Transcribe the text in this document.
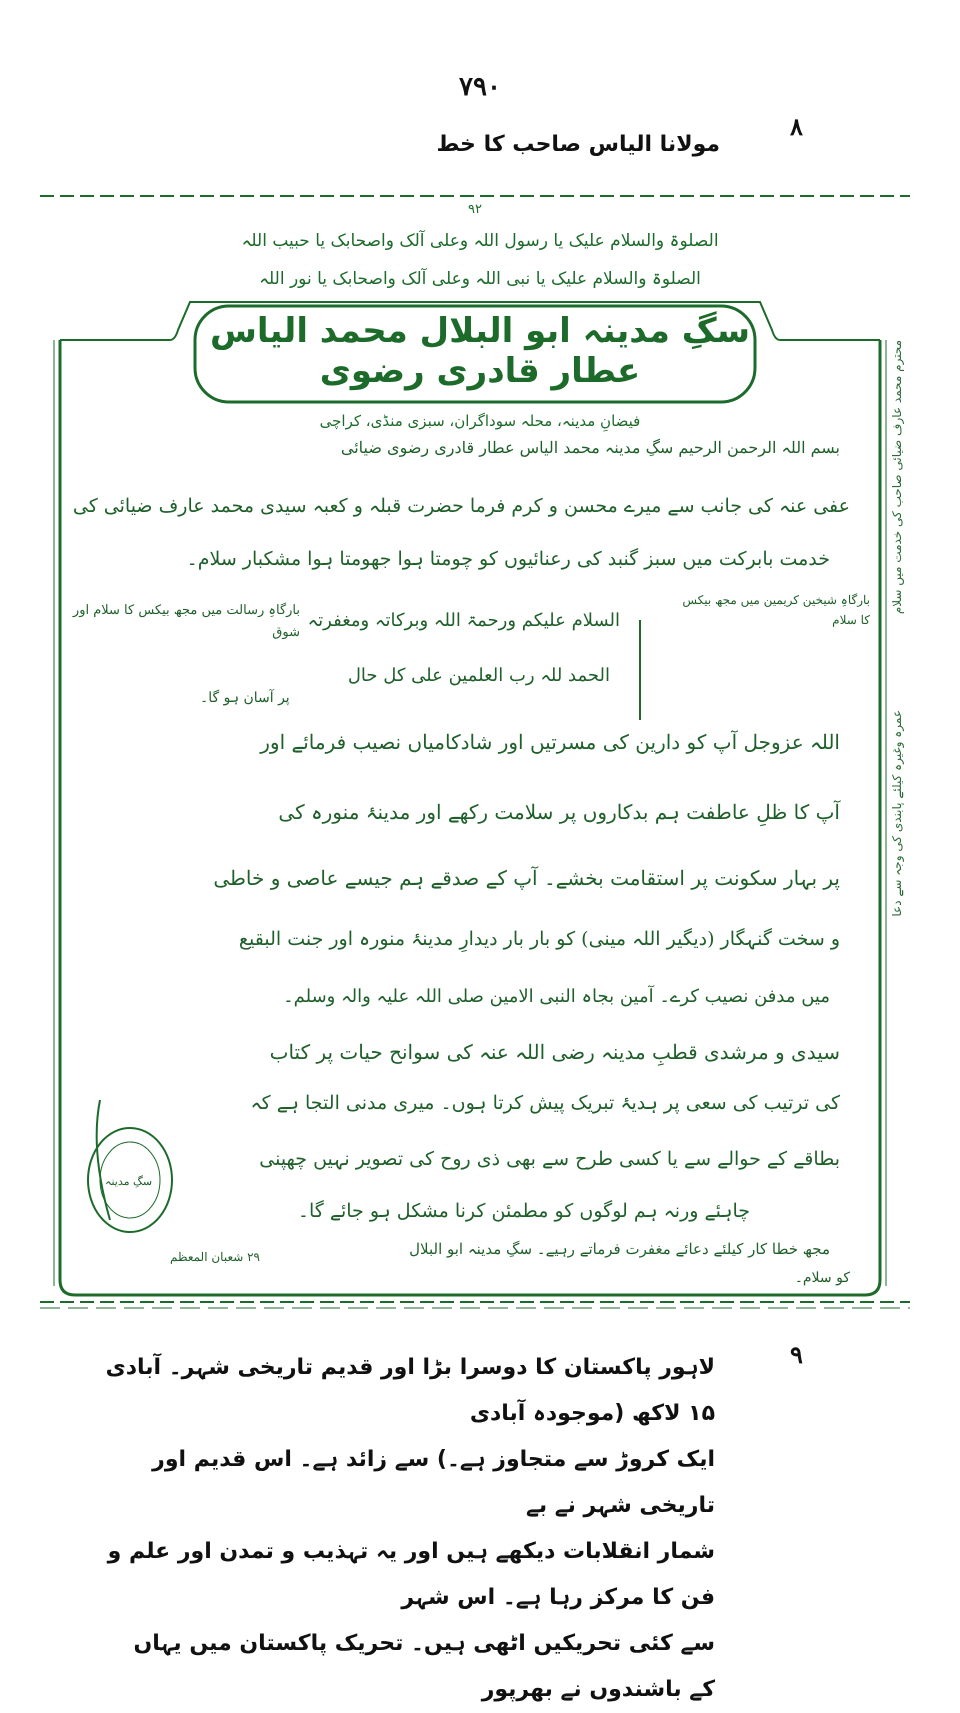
۷۹۰
۸
مولانا الیاس صاحب کا خط
۹۲
الصلوۃ والسلام علیک یا رسول اللہ وعلی آلک واصحابک یا حبیب اللہ
الصلوۃ والسلام علیک یا نبی اللہ وعلی آلک واصحابک یا نور اللہ
سگِ مدینہ ابو البلال محمد الیاس عطار قادری رضوی
فیضانِ مدینہ، محلہ سوداگران، سبزی منڈی، کراچی
بسم اللہ الرحمن الرحیم سگِ مدینہ محمد الیاس عطار قادری رضوی ضیائی
عفی عنہ کی جانب سے میرے محسن و کرم فرما حضرت قبلہ و کعبہ سیدی محمد عارف ضیائی کی
خدمت بابرکت میں سبز گنبد کی رعنائیوں کو چومتا ہوا جھومتا ہوا مشکبار سلام۔
السلام علیکم ورحمۃ اللہ وبرکاتہ ومغفرتہ
الحمد للہ رب العلمین علی کل حال
اللہ عزوجل آپ کو دارین کی مسرتیں اور شادکامیاں نصیب فرمائے اور
آپ کا ظلِ عاطفت ہم بدکاروں پر سلامت رکھے اور مدینۂ منورہ کی
پر بہار سکونت پر استقامت بخشے۔ آپ کے صدقے ہم جیسے عاصی و خاطی
و سخت گنہگار (دیگیر اللہ مینی) کو بار بار دیدارِ مدینۂ منورہ اور جنت البقیع
میں مدفن نصیب کرے۔ آمین بجاہ النبی الامین صلی اللہ علیہ والہ وسلم۔
سیدی و مرشدی قطبِ مدینہ رضی اللہ عنہ کی سوانح حیات پر کتاب
کی ترتیب کی سعی پر ہدیۂ تبریک پیش کرتا ہوں۔ میری مدنی التجا ہے کہ
بطاقے کے حوالے سے یا کسی طرح سے بھی ذی روح کی تصویر نہیں چھپنی
چاہئے ورنہ ہم لوگوں کو مطمئن کرنا مشکل ہو جائے گا۔
مجھ خطا کار کیلئے دعائے مغفرت فرماتے رہیے۔ سگِ مدینہ ابو البلال
کو سلام۔
بارگاہِ رسالت میں مجھ بیکس کا سلام اور شوق
بارگاہِ شیخین کریمین میں مجھ بیکس کا سلام
پر آسان ہو گا۔
۲۹ شعبان المعظم
سگِ مدینہ
محترم محمد عارف ضیائی صاحب کی خدمت میں سلام
عمرہ وغیرہ کیلئے پابندی کی وجہ سے دعا
۹
لاہور پاکستان کا دوسرا بڑا اور قدیم تاریخی شہر۔ آبادی ۱۵ لاکھ (موجودہ آبادی
ایک کروڑ سے متجاوز ہے۔) سے زائد ہے۔ اس قدیم اور تاریخی شہر نے بے
شمار انقلابات دیکھے ہیں اور یہ تہذیب و تمدن اور علم و فن کا مرکز رہا ہے۔ اس شہر
سے کئی تحریکیں اٹھی ہیں۔ تحریک پاکستان میں یہاں کے باشندوں نے بھرپور
